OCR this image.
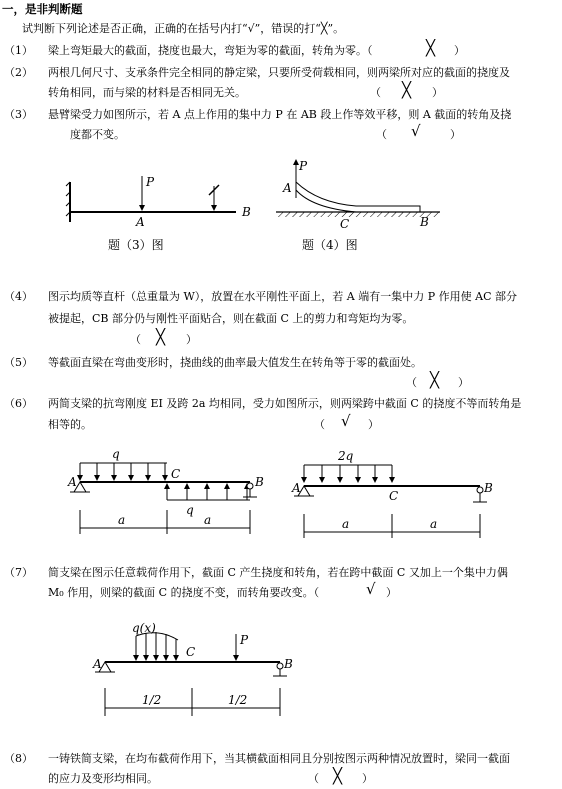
一，是非判断题
试判断下列论述是否正确，正确的在括号内打“√”，错误的打“╳”。
（1） 梁上弯矩最大的截面，挠度也最大，弯矩为零的截面，转角为零。（	╳ ）
（2） 两根几何尺寸、支承条件完全相同的静定梁，只要所受荷载相同，则两梁所对应的截面的挠度及
转角相同，而与梁的材料是否相同无关。	（ ╳ ）
（3） 悬臂梁受力如图所示，若 A 点上作用的集中力 P 在 AB 段上作等效平移，则 A 截面的转角及挠
度都不变。	（ √	）
题（3）图	题（4）图
（4） 图示均质等直杆（总重量为 W），放置在水平刚性平面上，若 A 端有一集中力 P 作用使 AC 部分
被提起，CB 部分仍与刚性平面贴合，则在截面 C 上的剪力和弯矩均为零。
（ ╳ ）
（5） 等截面直梁在弯曲变形时，挠曲线的曲率最大值发生在转角等于零的截面处。
（ ╳ ）
（6） 两简支梁的抗弯刚度 EI 及跨 2a 均相同，受力如图所示，则两梁跨中截面 C 的挠度不等而转角是
相等的。	（ √ ）
（7） 简支梁在图示任意载荷作用下，截面 C 产生挠度和转角，若在跨中截面 C 又加上一个集中力偶
M₀ 作用，则梁的截面 C 的挠度不变，而转角要改变。（	√ ）
（8） 一铸铁简支梁，在均布截荷作用下，当其横截面相同且分别按图示两种情况放置时，梁同一截面
的应力及变形均相同。	（ ╳ ）
P
A
B
P
A
C	B
q
A
C
q
B
a	a
2q
A
C
B
a	a
q(x)
A
C
P
B
1/2	1/2
